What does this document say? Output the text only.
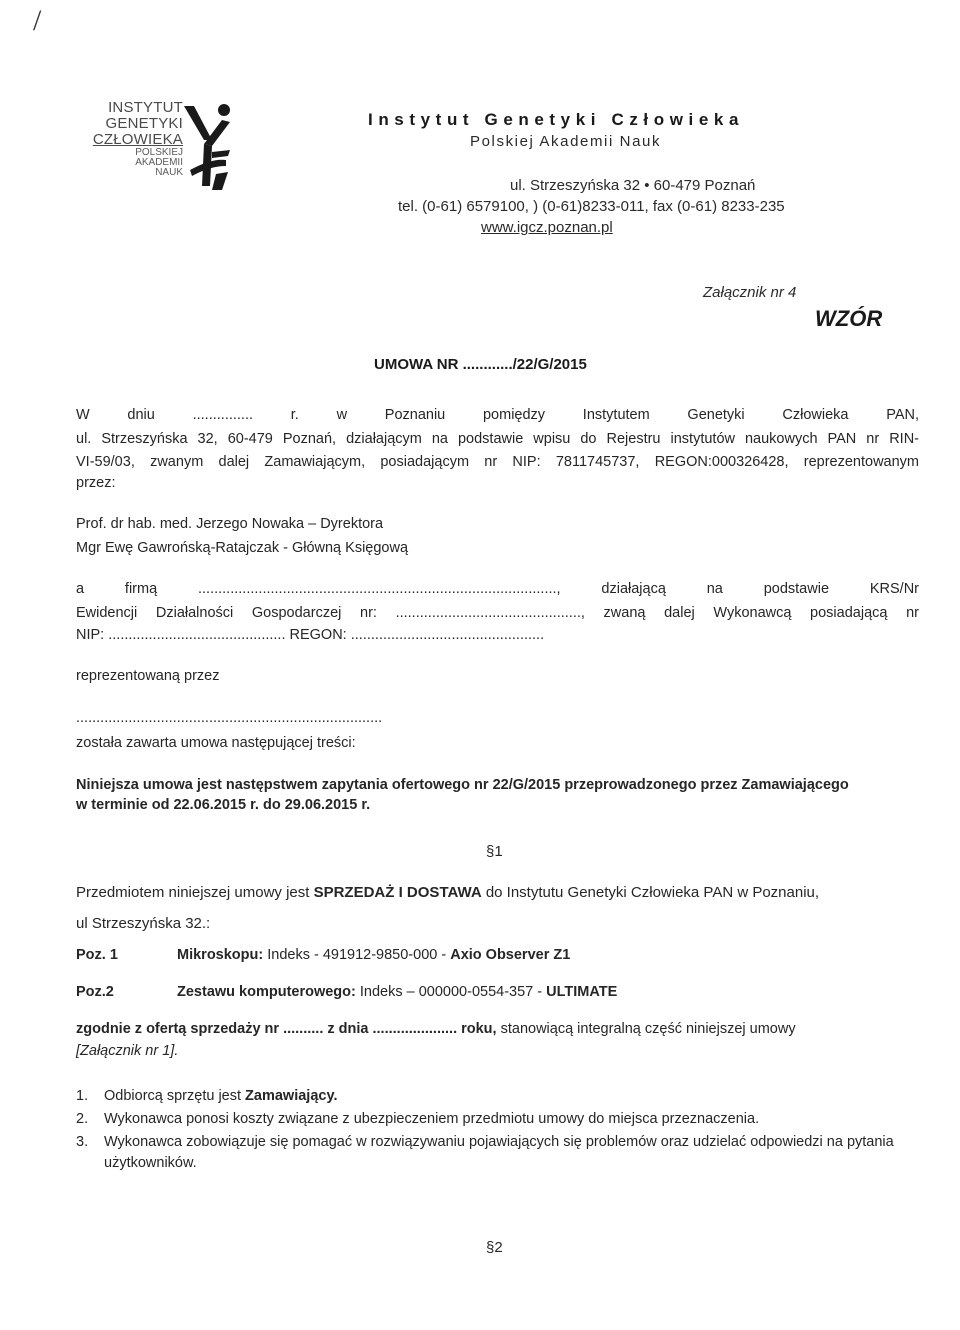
/
INSTYTUT
GENETYKI
CZŁOWIEKA
POLSKIEJ
AKADEMII
NAUK
Instytut Genetyki Człowieka
Polskiej Akademii Nauk
ul. Strzeszyńska 32 • 60-479 Poznań
tel. (0-61) 6579100, ) (0-61)8233-011, fax (0-61) 8233-235
www.igcz.poznan.pl
Załącznik nr 4
WZÓR
UMOWA NR ............/22/G/2015
W dniu ............... r. w Poznaniu pomiędzy Instytutem Genetyki Człowieka PAN,
ul. Strzeszyńska 32, 60-479 Poznań, działającym na podstawie wpisu do Rejestru instytutów naukowych PAN nr RIN-
VI-59/03, zwanym dalej Zamawiającym, posiadającym nr NIP: 7811745737, REGON:000326428, reprezentowanym
przez:
Prof. dr hab. med. Jerzego Nowaka – Dyrektora
Mgr Ewę Gawrońską-Ratajczak - Główną Księgową
a firmą ........................................................................................., działającą na podstawie KRS/Nr
Ewidencji Działalności Gospodarczej nr: .............................................., zwaną dalej Wykonawcą posiadającą nr
NIP: ............................................ REGON: ................................................
reprezentowaną przez
............................................................................
została zawarta umowa następującej treści:
Niniejsza umowa jest następstwem zapytania ofertowego nr 22/G/2015 przeprowadzonego przez Zamawiającego
w terminie od 22.06.2015 r. do 29.06.2015 r.
§1
Przedmiotem niniejszej umowy jest SPRZEDAŻ I DOSTAWA do Instytutu Genetyki Człowieka PAN w Poznaniu,
ul Strzeszyńska 32.:
Poz. 1	Mikroskopu: Indeks - 491912-9850-000 - Axio Observer Z1
Poz.2	Zestawu komputerowego: Indeks – 000000-0554-357 - ULTIMATE
zgodnie z ofertą sprzedaży nr .......... z dnia ..................... roku, stanowiącą integralną część niniejszej umowy
[Załącznik nr 1].
1.	Odbiorcą sprzętu jest Zamawiający.
2.	Wykonawca ponosi koszty związane z ubezpieczeniem przedmiotu umowy do miejsca przeznaczenia.
3.	Wykonawca zobowiązuje się pomagać w rozwiązywaniu pojawiających się problemów oraz udzielać odpowiedzi na pytania użytkowników.
§2
